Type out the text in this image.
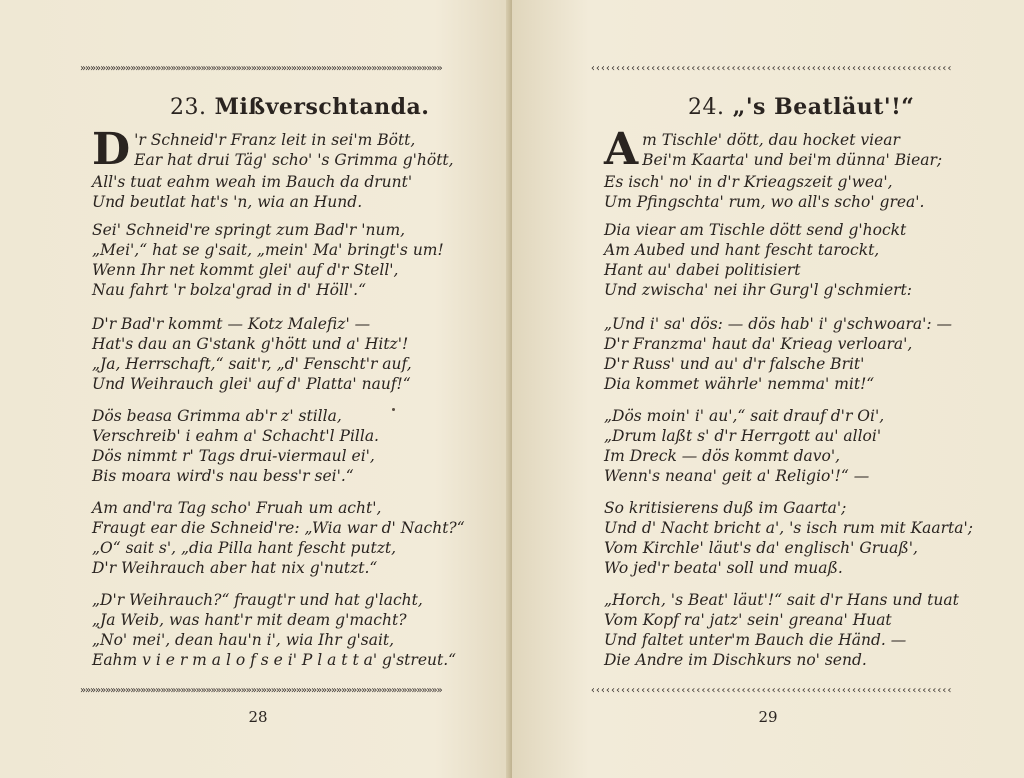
»»»»»»»»»»»»»»»»»»»»»»»»»»»»»»»»»»»»»»»»»»»»»»»»»»»»»»»»»»»»»»»»»»»»»»»»
23. Mißverschtanda.
D 'r Schneid'r Franz leit in sei'm Bött,
Ear hat drui Täg' scho' 's Grimma g'hött,
All's tuat eahm weah im Bauch da drunt'
Und beutlat hat's 'n, wia an Hund.
Sei' Schneid're springt zum Bad'r 'num,
„Mei',“ hat se g'sait, „mein' Ma' bringt's um!
Wenn Ihr net kommt glei' auf d'r Stell',
Nau fahrt 'r bolza'grad in d' Höll'.“
D'r Bad'r kommt — Kotz Malefiz' —
Hat's dau an G'stank g'hött und a' Hitz'!
„Ja, Herrschaft,“ sait'r, „d' Fenscht'r auf,
Und Weihrauch glei' auf d' Platta' nauf!“
Dös beasa Grimma ab'r z' stilla,
Verschreib' i eahm a' Schacht'l Pilla.
Dös nimmt r' Tags drui-viermaul ei',
Bis moara wird's nau bess'r sei'.“
Am and'ra Tag scho' Fruah um acht',
Fraugt ear die Schneid're: „Wia war d' Nacht?“
„O“ sait s', „dia Pilla hant fescht putzt,
D'r Weihrauch aber hat nix g'nutzt.“
„D'r Weihrauch?“ fraugt'r und hat g'lacht,
„Ja Weib, was hant'r mit deam g'macht?
„No' mei', dean hau'n i', wia Ihr g'sait,
Eahm v i e r m a l o f s e i' P l a t t a' g'streut.“
»»»»»»»»»»»»»»»»»»»»»»»»»»»»»»»»»»»»»»»»»»»»»»»»»»»»»»»»»»»»»»»»»»»»»»»»
28
‹‹‹‹‹‹‹‹‹‹‹‹‹‹‹‹‹‹‹‹‹‹‹‹‹‹‹‹‹‹‹‹‹‹‹‹‹‹‹‹‹‹‹‹‹‹‹‹‹‹‹‹‹‹‹‹‹‹‹‹‹‹‹‹‹‹‹‹‹‹‹‹
24. „'s Beatläut'!“
A m Tischle' dött, dau hocket viear
Bei'm Kaarta' und bei'm dünna' Biear;
Es isch' no' in d'r Krieagszeit g'wea',
Um Pfingschta' rum, wo all's scho' grea'.
Dia viear am Tischle dött send g'hockt
Am Aubed und hant fescht tarockt,
Hant au' dabei politisiert
Und zwischa' nei ihr Gurg'l g'schmiert:
„Und i' sa' dös: — dös hab' i' g'schwoara': —
D'r Franzma' haut da' Krieag verloara',
D'r Russ' und au' d'r falsche Brit'
Dia kommet währle' nemma' mit!“
„Dös moin' i' au',“ sait drauf d'r Oi',
„Drum laßt s' d'r Herrgott au' alloi'
Im Dreck — dös kommt davo',
Wenn's neana' geit a' Religio'!“ —
So kritisierens duß im Gaarta';
Und d' Nacht bricht a', 's isch rum mit Kaarta';
Vom Kirchle' läut's da' englisch' Gruaß',
Wo jed'r beata' soll und muaß.
„Horch, 's Beat' läut'!“ sait d'r Hans und tuat
Vom Kopf ra' jatz' sein' greana' Huat
Und faltet unter'm Bauch die Händ. —
Die Andre im Dischkurs no' send.
‹‹‹‹‹‹‹‹‹‹‹‹‹‹‹‹‹‹‹‹‹‹‹‹‹‹‹‹‹‹‹‹‹‹‹‹‹‹‹‹‹‹‹‹‹‹‹‹‹‹‹‹‹‹‹‹‹‹‹‹‹‹‹‹‹‹‹‹‹‹‹‹
29
